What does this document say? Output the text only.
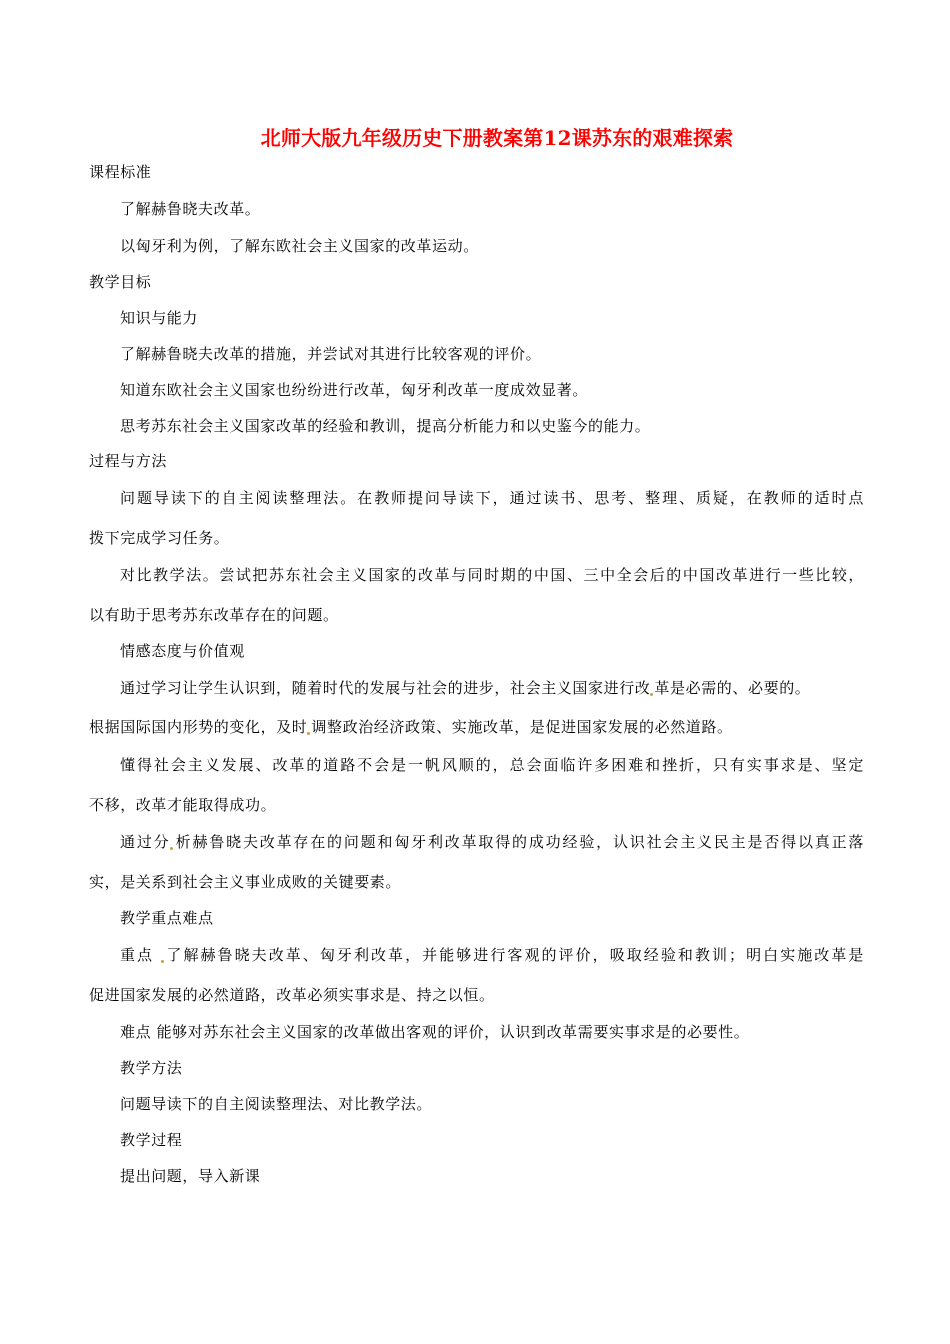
北师大版九年级历史下册教案第12课苏东的艰难探索
课程标准
了解赫鲁晓夫改革。
以匈牙利为例，了解东欧社会主义国家的改革运动。
教学目标
知识与能力
了解赫鲁晓夫改革的措施，并尝试对其进行比较客观的评价。
知道东欧社会主义国家也纷纷进行改革，匈牙利改革一度成效显著。
思考苏东社会主义国家改革的经验和教训，提高分析能力和以史鉴今的能力。
过程与方法
问题导读下的自主阅读整理法。在教师提问导读下，通过读书、思考、整理、质疑，在教师的适时点
拨下完成学习任务。
对比教学法。尝试把苏东社会主义国家的改革与同时期的中国、三中全会后的中国改革进行一些比较，
以有助于思考苏东改革存在的问题。
情感态度与价值观
通过学习让学生认识到，随着时代的发展与社会的进步，社会主义国家进行改 革是必需的、必要的。
根据国际国内形势的变化，及时 调整政治经济政策、实施改革，是促进国家发展的必然道路。
懂得社会主义发展、改革的道路不会是一帆风顺的，总会面临许多困难和挫折，只有实事求是、坚定
不移，改革才能取得成功。
通过分 析赫鲁晓夫改革存在的问题和匈牙利改革取得的成功经验，认识社会主义民主是否得以真正落
实，是关系到社会主义事业成败的关键要素。
教学重点难点
重点 了解赫鲁晓夫改革、匈牙利改革，并能够进行客观的评价，吸取经验和教训；明白实施改革是
促进国家发展的必然道路，改革必须实事求是、持之以恒。
难点 能够对苏东社会主义国家的改革做出客观的评价，认识到改革需要实事求是的必要性。
教学方法
问题导读下的自主阅读整理法、对比教学法。
教学过程
提出问题，导入新课
